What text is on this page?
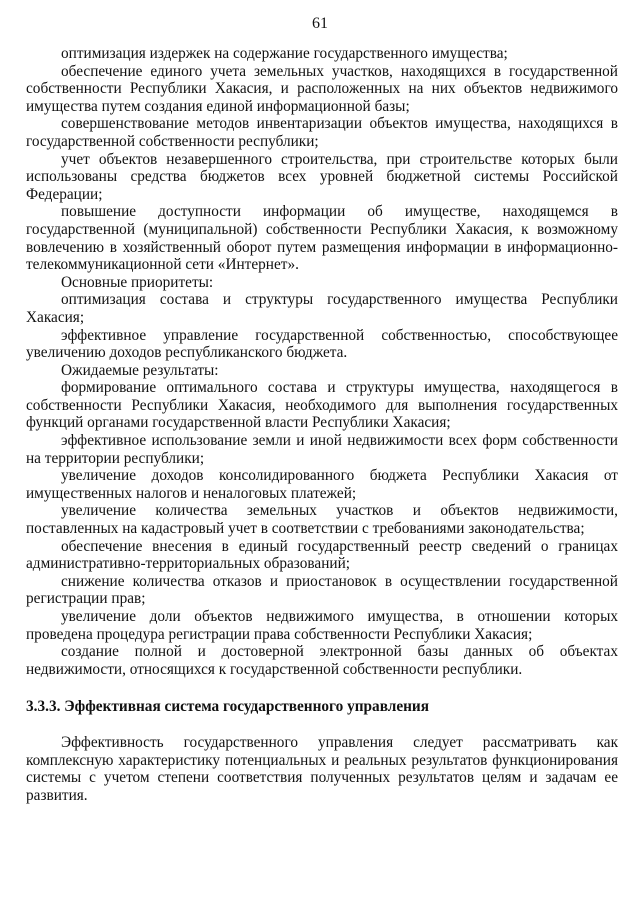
61

оптимизация издержек на содержание государственного имущества;

обеспечение единого учета земельных участков, находящихся в государственной собственности Республики Хакасия, и расположенных на них объектов недвижимого имущества путем создания единой информационной базы;

совершенствование методов инвентаризации объектов имущества, находящихся в государственной собственности республики;

учет объектов незавершенного строительства, при строительстве которых были использованы средства бюджетов всех уровней бюджетной системы Российской Федерации;

повышение доступности информации об имуществе, находящемся в государственной (муниципальной) собственности Республики Хакасия, к возможному вовлечению в хозяйственный оборот путем размещения информации в информационно-телекоммуникационной сети «Интернет».

Основные приоритеты:

оптимизация состава и структуры государственного имущества Республики Хакасия;

эффективное управление государственной собственностью, способствующее увеличению доходов республиканского бюджета.

Ожидаемые результаты:

формирование оптимального состава и структуры имущества, находящегося в собственности Республики Хакасия, необходимого для выполнения государственных функций органами государственной власти Республики Хакасия;

эффективное использование земли и иной недвижимости всех форм собственности на территории республики;

увеличение доходов консолидированного бюджета Республики Хакасия от имущественных налогов и неналоговых платежей;

увеличение количества земельных участков и объектов недвижимости, поставленных на кадастровый учет в соответствии с требованиями законодательства;

обеспечение внесения в единый государственный реестр сведений о границах административно-территориальных образований;

снижение количества отказов и приостановок в осуществлении государственной регистрации прав;

увеличение доли объектов недвижимого имущества, в отношении которых проведена процедура регистрации права собственности Республики Хакасия;

создание полной и достоверной электронной базы данных об объектах недвижимости, относящихся к государственной собственности республики.

3.3.3. Эффективная система государственного управления

Эффективность государственного управления следует рассматривать как комплексную характеристику потенциальных и реальных результатов функционирования системы с учетом степени соответствия полученных результатов целям и задачам ее развития.
